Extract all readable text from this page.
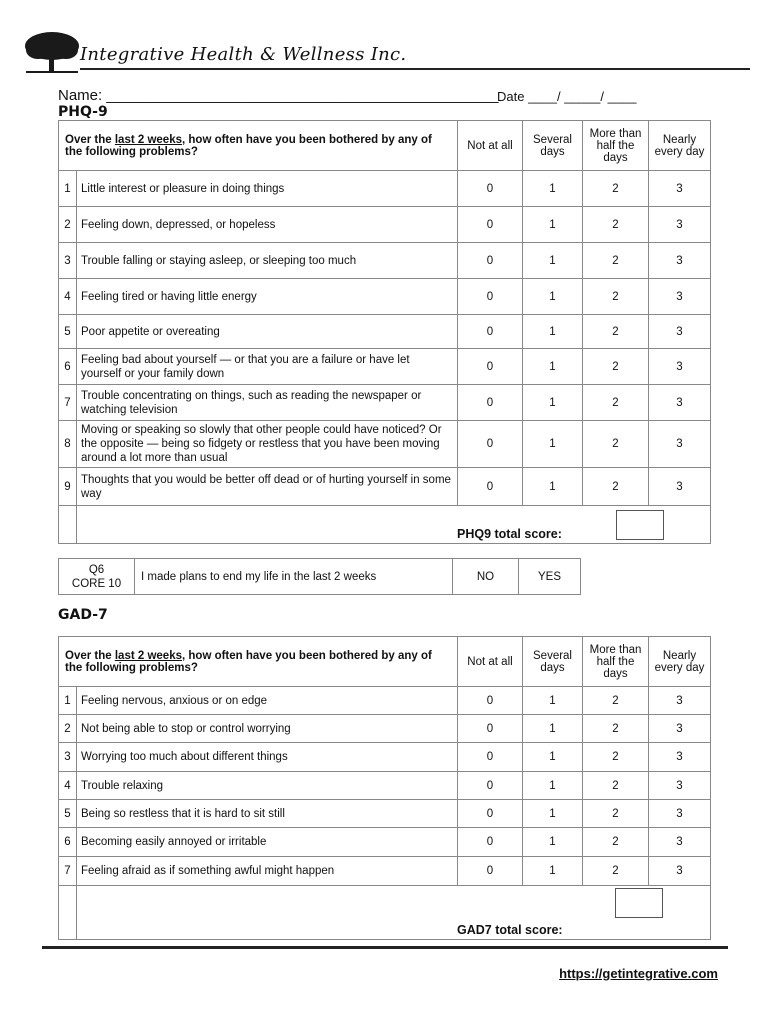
Integrative Health & Wellness Inc.
Name: _______________________________________________
Date ____/ _____/ ____
PHQ-9
Over the last 2 weeks, how often have you been bothered by any of the following problems?		Not at all	Several days	More than half the days	Nearly every day
1	Little interest or pleasure in doing things	0	1	2	3
2	Feeling down, depressed, or hopeless	0	1	2	3
3	Trouble falling or staying asleep, or sleeping too much	0	1	2	3
4	Feeling tired or having little energy	0	1	2	3
5	Poor appetite or overeating	0	1	2	3
6	Feeling bad about yourself — or that you are a failure or have let yourself or your family down	0	1	2	3
7	Trouble concentrating on things, such as reading the newspaper or watching television	0	1	2	3
8	Moving or speaking so slowly that other people could have noticed? Or the opposite — being so fidgety or restless that you have been moving around a lot more than usual	0	1	2	3
9	Thoughts that you would be better off dead or of hurting yourself in some way	0	1	2	3

	PHQ9 total score:				
Q6
CORE 10	I made plans to end my life in the last 2 weeks	NO	YES
GAD-7
Over the last 2 weeks, how often have you been bothered by any of the following problems?		Not at all	Several days	More than half the days	Nearly every day
1	Feeling nervous, anxious or on edge	0	1	2	3
2	Not being able to stop or control worrying	0	1	2	3
3	Worrying too much about different things	0	1	2	3
4	Trouble relaxing	0	1	2	3
5	Being so restless that it is hard to sit still	0	1	2	3
6	Becoming easily annoyed or irritable	0	1	2	3
7	Feeling afraid as if something awful might happen	0	1	2	3

	GAD7 total score:				
https://getintegrative.com
